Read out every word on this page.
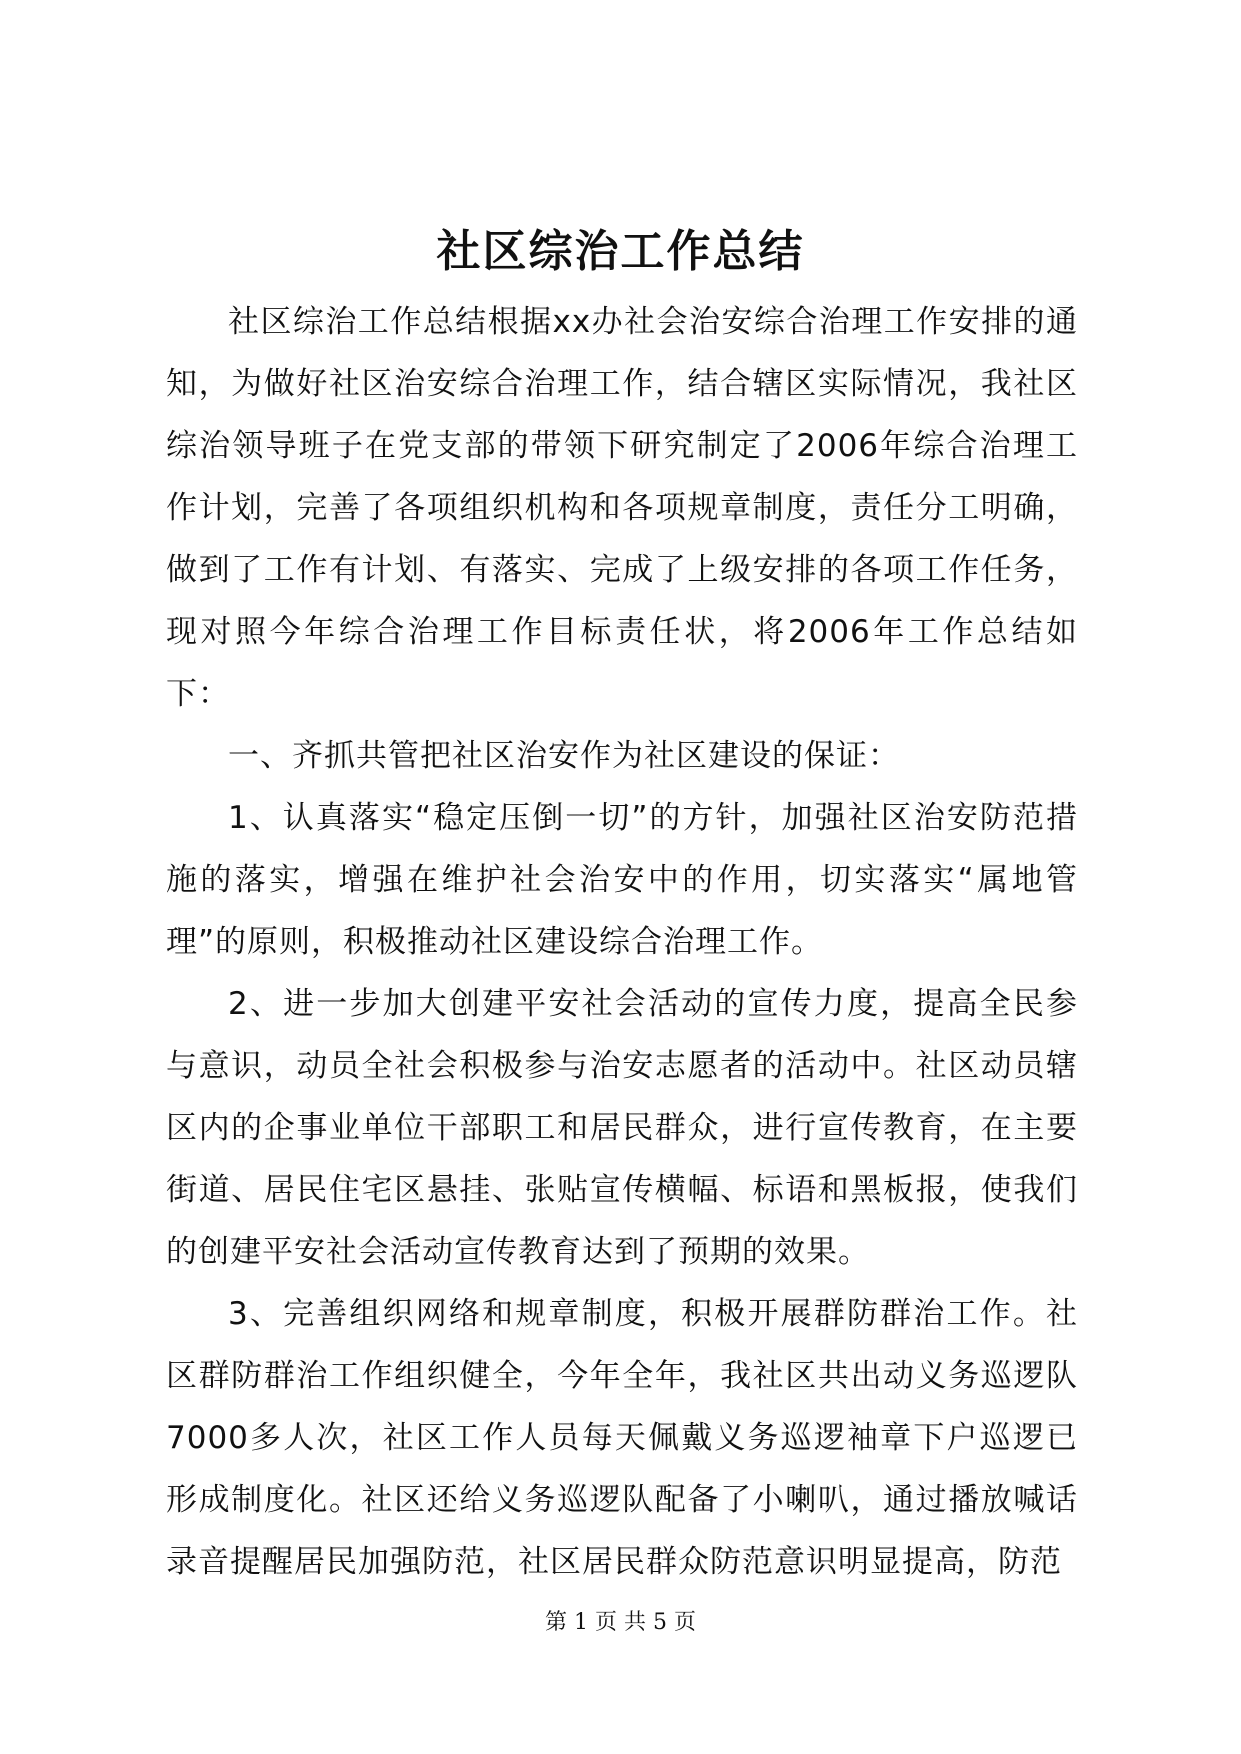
社区综治工作总结

社区综治工作总结根据xx办社会治安综合治理工作安排的通知，为做好社区治安综合治理工作，结合辖区实际情况，我社区综治领导班子在党支部的带领下研究制定了2006年综合治理工作计划，完善了各项组织机构和各项规章制度，责任分工明确，做到了工作有计划、有落实、完成了上级安排的各项工作任务，现对照今年综合治理工作目标责任状，将2006年工作总结如下：

一、齐抓共管把社区治安作为社区建设的保证：

1、认真落实“稳定压倒一切”的方针，加强社区治安防范措施的落实，增强在维护社会治安中的作用，切实落实“属地管理”的原则，积极推动社区建设综合治理工作。

2、进一步加大创建平安社会活动的宣传力度，提高全民参与意识，动员全社会积极参与治安志愿者的活动中。社区动员辖区内的企事业单位干部职工和居民群众，进行宣传教育，在主要街道、居民住宅区悬挂、张贴宣传横幅、标语和黑板报，使我们的创建平安社会活动宣传教育达到了预期的效果。

3、完善组织网络和规章制度，积极开展群防群治工作。社区群防群治工作组织健全，今年全年，我社区共出动义务巡逻队7000多人次，社区工作人员每天佩戴义务巡逻袖章下户巡逻已形成制度化。社区还给义务巡逻队配备了小喇叭，通过播放喊话录音提醒居民加强防范，社区居民群众防范意识明显提高，防范

第 1 页 共 5 页
